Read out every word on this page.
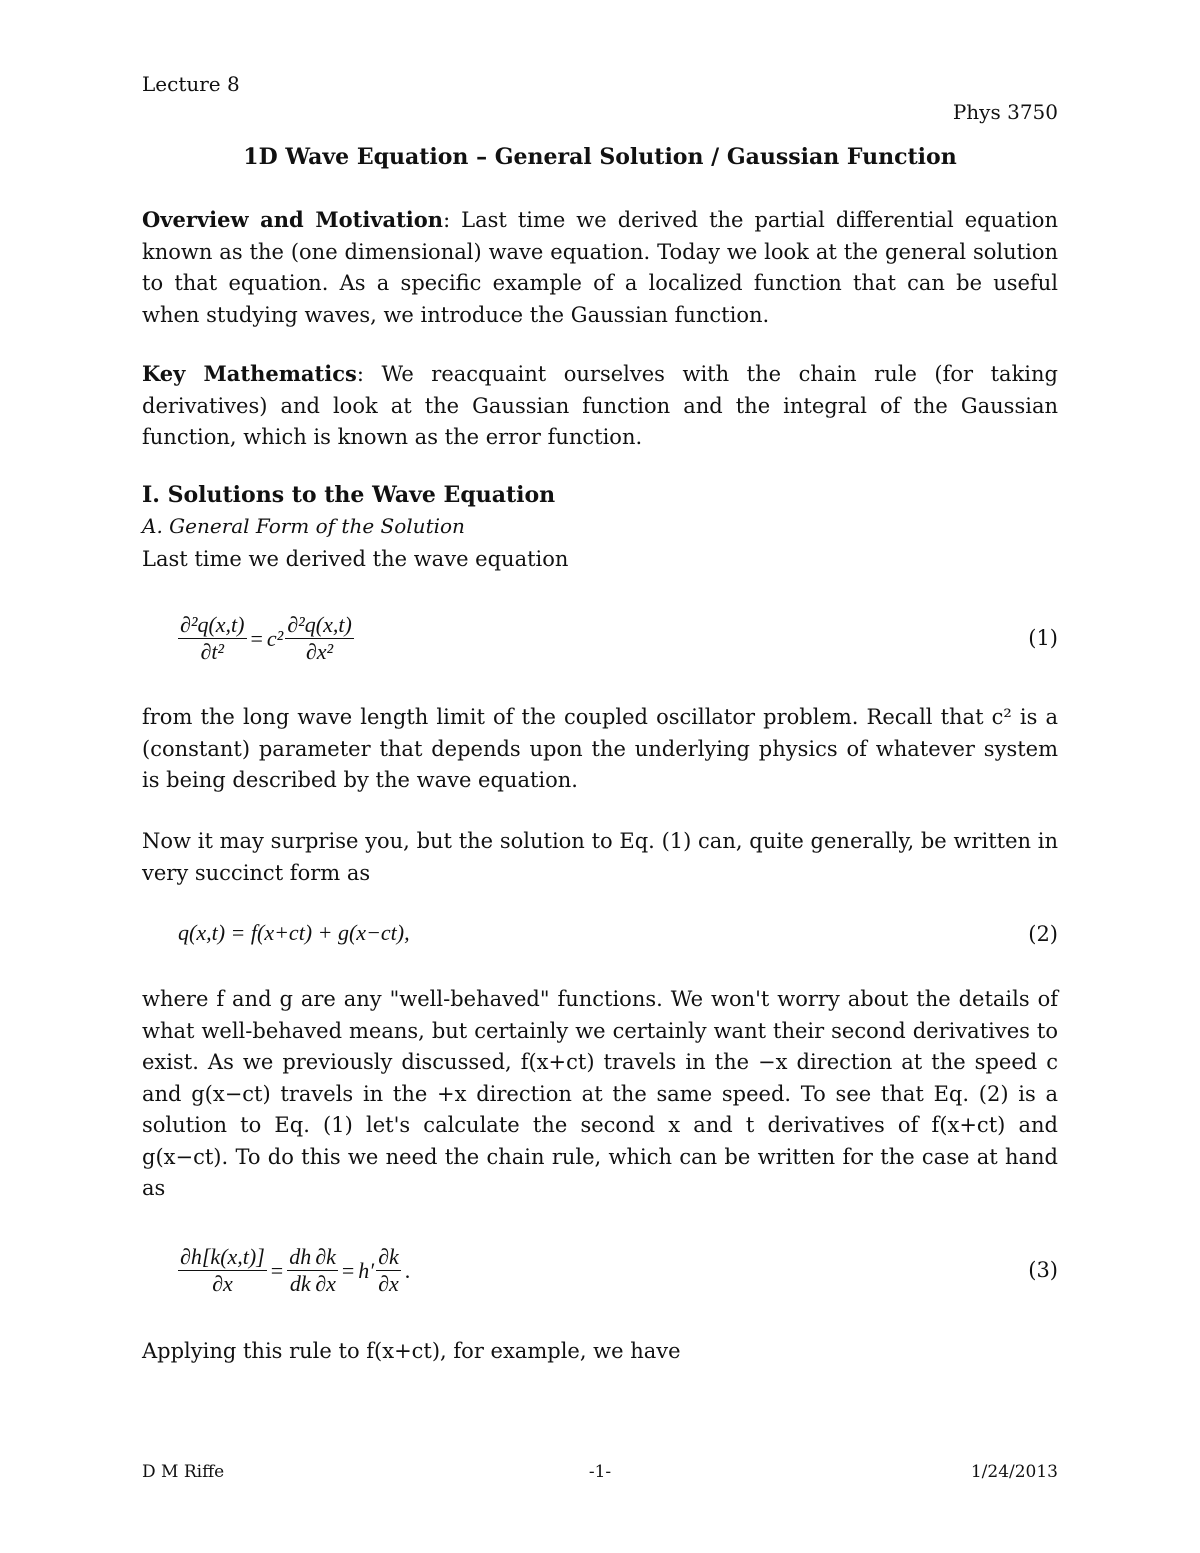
Lecture 8
Phys 3750
1D Wave Equation – General Solution / Gaussian Function
Overview and Motivation: Last time we derived the partial differential equation known as the (one dimensional) wave equation. Today we look at the general solution to that equation. As a specific example of a localized function that can be useful when studying waves, we introduce the Gaussian function.
Key Mathematics: We reacquaint ourselves with the chain rule (for taking derivatives) and look at the Gaussian function and the integral of the Gaussian function, which is known as the error function.
I. Solutions to the Wave Equation
A. General Form of the Solution
Last time we derived the wave equation
$\frac{\text{∂²q(x,t)}}{\text{∂t²}} = c^2 \frac{\text{∂²q(x,t)}}{\text{∂x²}}$	(1)
from the long wave length limit of the coupled oscillator problem. Recall that c² is a (constant) parameter that depends upon the underlying physics of whatever system is being described by the wave equation.
Now it may surprise you, but the solution to Eq. (1) can, quite generally, be written in very succinct form as
q(x,t) = f(x+ct) + g(x−ct),	(2)
where f and g are any "well-behaved" functions. We won't worry about the details of what well-behaved means, but certainly we certainly want their second derivatives to exist. As we previously discussed, f(x+ct) travels in the −x direction at the speed c and g(x−ct) travels in the +x direction at the same speed. To see that Eq. (2) is a solution to Eq. (1) let's calculate the second x and t derivatives of f(x+ct) and g(x−ct). To do this we need the chain rule, which can be written for the case at hand as
$\frac{\partial h[k(x,t)]}{\partial x} = \frac{dh}{dk} \frac{\partial k}{\partial x} = h' \frac{\partial k}{\partial x}$ .	(3)
Applying this rule to f(x+ct), for example, we have
D M Riffe	-1-	1/24/2013
